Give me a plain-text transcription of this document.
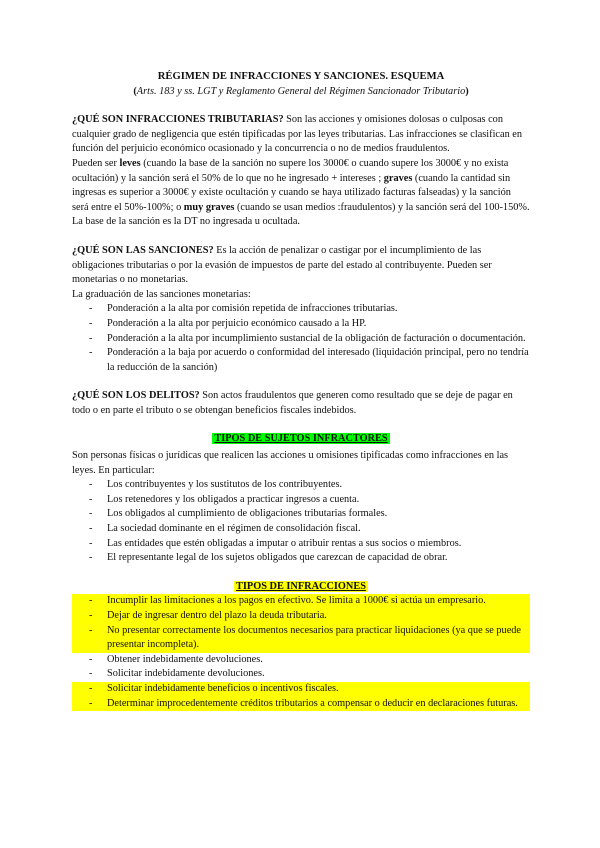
RÉGIMEN DE INFRACCIONES Y SANCIONES. ESQUEMA

(Arts. 183 y ss. LGT y Reglamento General del Régimen Sancionador Tributario)

¿QUÉ SON INFRACCIONES TRIBUTARIAS? Son las acciones y omisiones dolosas o culposas con cualquier grado de negligencia que estén tipificadas por las leyes tributarias. Las infracciones se clasifican en función del perjuicio económico ocasionado y la concurrencia o no de medios fraudulentos.

Pueden ser leves (cuando la base de la sanción no supere los 3000€ o cuando supere los 3000€ y no exista ocultación) y la sanción será el 50% de lo que no he ingresado + intereses ; graves (cuando la cantidad sin ingresas es superior a 3000€ y existe ocultación y cuando se haya utilizado facturas falseadas) y la sanción será entre el 50%-100%; o muy graves (cuando se usan medios :fraudulentos) y la sanción será del 100-150%.

La base de la sanción es la DT no ingresada u ocultada.

¿QUÉ SON LAS SANCIONES? Es la acción de penalizar o castigar por el incumplimiento de las obligaciones tributarias o por la evasión de impuestos de parte del estado al contribuyente. Pueden ser monetarias o no monetarias.

La graduación de las sanciones monetarias:

- Ponderación a la alta por comisión repetida de infracciones tributarias.
- Ponderación a la alta por perjuicio económico causado a la HP.
- Ponderación a la alta por incumplimiento sustancial de la obligación de facturación o documentación.
- Ponderación a la baja por acuerdo o conformidad del interesado (liquidación principal, pero no tendría la reducción de la sanción)

¿QUÉ SON LOS DELITOS? Son actos fraudulentos que generen como resultado que se deje de pagar en todo o en parte el tributo o se obtengan beneficios fiscales indebidos.

TIPOS DE SUJETOS INFRACTORES

Son personas físicas o jurídicas que realicen las acciones u omisiones tipificadas como infracciones en las leyes. En particular:

- Los contribuyentes y los sustitutos de los contribuyentes.
- Los retenedores y los obligados a practicar ingresos a cuenta.
- Los obligados al cumplimiento de obligaciones tributarias formales.
- La sociedad dominante en el régimen de consolidación fiscal.
- Las entidades que estén obligadas a imputar o atribuir rentas a sus socios o miembros.
- El representante legal de los sujetos obligados que carezcan de capacidad de obrar.

TIPOS DE INFRACCIONES

- Incumplir las limitaciones a los pagos en efectivo. Se limita a 1000€ si actúa un empresario.
- Dejar de ingresar dentro del plazo la deuda tributaria.
- No presentar correctamente los documentos necesarios para practicar liquidaciones (ya que se puede presentar incompleta).
- Obtener indebidamente devoluciones.
- Solicitar indebidamente devoluciones.
- Solicitar indebidamente beneficios o incentivos fiscales.
- Determinar improcedentemente créditos tributarios a compensar o deducir en declaraciones futuras.
